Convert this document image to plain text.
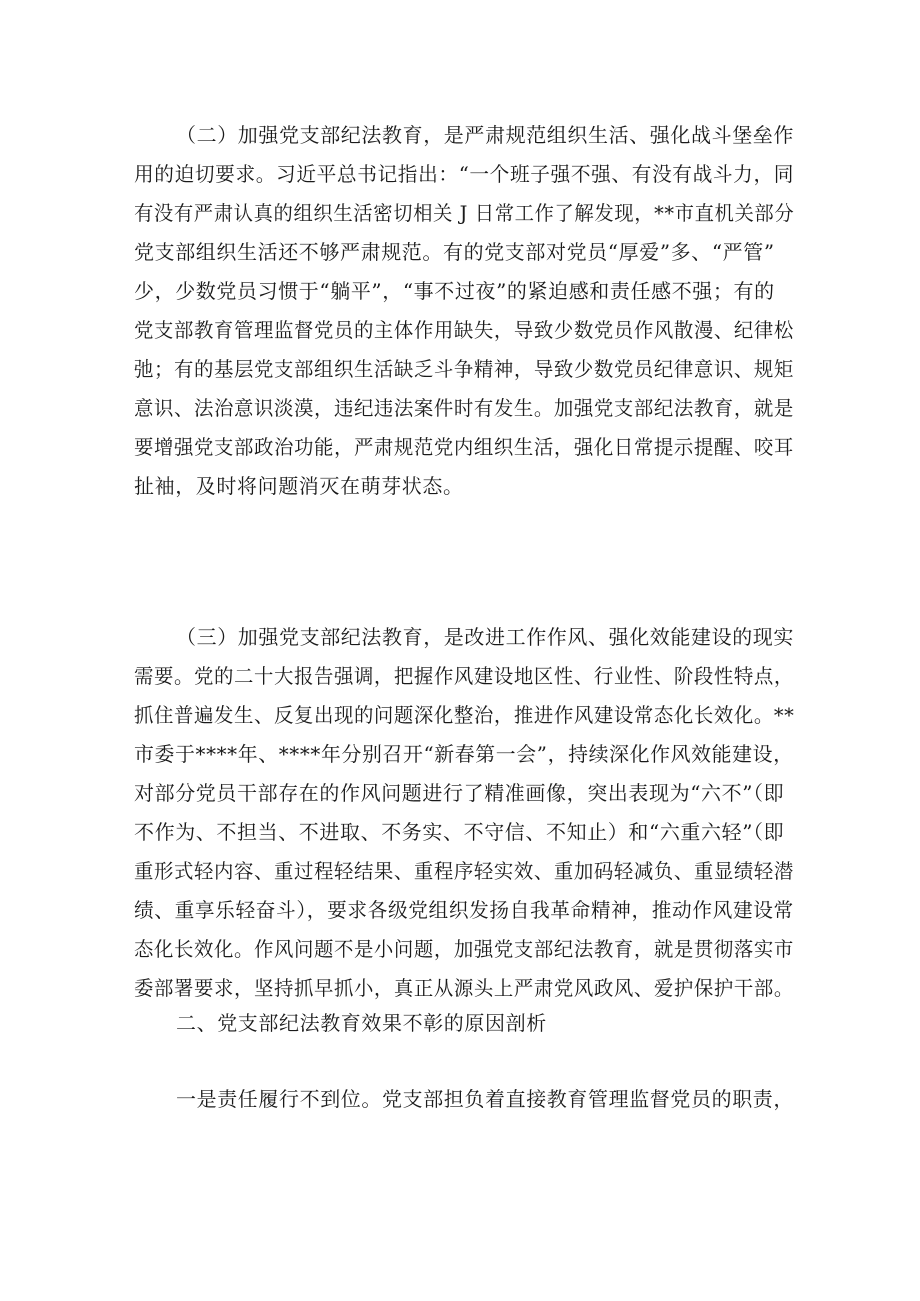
（二）加强党支部纪法教育，是严肃规范组织生活、强化战斗堡垒作
用的迫切要求。习近平总书记指出：“一个班子强不强、有没有战斗力，同
有没有严肃认真的组织生活密切相关 J 日常工作了解发现，**市直机关部分
党支部组织生活还不够严肃规范。有的党支部对党员“厚爱”多、“严管”
少，少数党员习惯于“躺平”，“事不过夜”的紧迫感和责任感不强；有的
党支部教育管理监督党员的主体作用缺失，导致少数党员作风散漫、纪律松
弛；有的基层党支部组织生活缺乏斗争精神，导致少数党员纪律意识、规矩
意识、法治意识淡漠，违纪违法案件时有发生。加强党支部纪法教育，就是
要增强党支部政治功能，严肃规范党内组织生活，强化日常提示提醒、咬耳
扯袖，及时将问题消灭在萌芽状态。
（三）加强党支部纪法教育，是改进工作作风、强化效能建设的现实
需要。党的二十大报告强调，把握作风建设地区性、行业性、阶段性特点，
抓住普遍发生、反复出现的问题深化整治，推进作风建设常态化长效化。**
市委于****年、****年分别召开“新春第一会”，持续深化作风效能建设，
对部分党员干部存在的作风问题进行了精准画像，突出表现为“六不”（即
不作为、不担当、不进取、不务实、不守信、不知止）和“六重六轻”（即
重形式轻内容、重过程轻结果、重程序轻实效、重加码轻减负、重显绩轻潜
绩、重享乐轻奋斗），要求各级党组织发扬自我革命精神，推动作风建设常
态化长效化。作风问题不是小问题，加强党支部纪法教育，就是贯彻落实市
委部署要求，坚持抓早抓小，真正从源头上严肃党风政风、爱护保护干部。
二、党支部纪法教育效果不彰的原因剖析
一是责任履行不到位。党支部担负着直接教育管理监督党员的职责，
